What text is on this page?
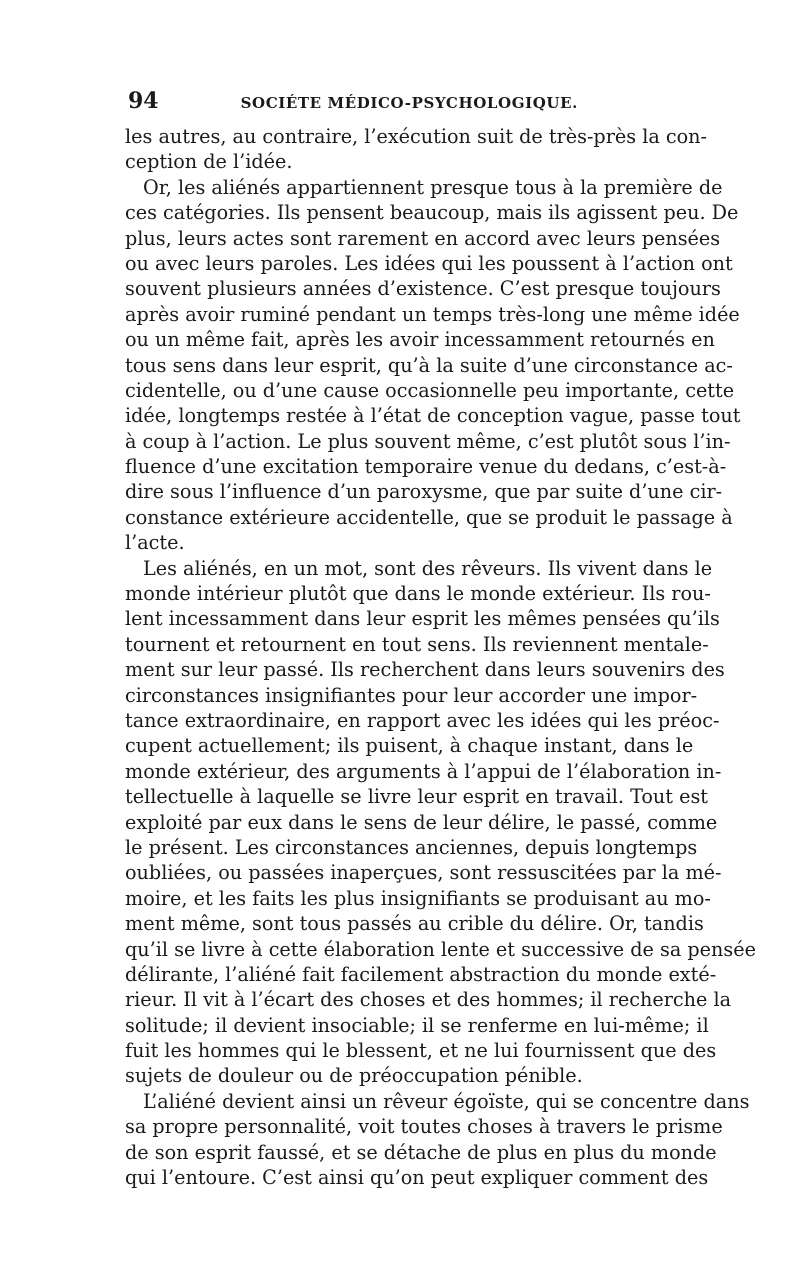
94	SOCIÉTE MÉDICO-PSYCHOLOGIQUE.
les autres, au contraire, l’exécution suit de très-près la con-
ception de l’idée.
Or, les aliénés appartiennent presque tous à la première de
ces catégories. Ils pensent beaucoup, mais ils agissent peu. De
plus, leurs actes sont rarement en accord avec leurs pensées
ou avec leurs paroles. Les idées qui les poussent à l’action ont
souvent plusieurs années d’existence. C’est presque toujours
après avoir ruminé pendant un temps très-long une même idée
ou un même fait, après les avoir incessamment retournés en
tous sens dans leur esprit, qu’à la suite d’une circonstance ac-
cidentelle, ou d’une cause occasionnelle peu importante, cette
idée, longtemps restée à l’état de conception vague, passe tout
à coup à l’action. Le plus souvent même, c’est plutôt sous l’in-
fluence d’une excitation temporaire venue du dedans, c’est-à-
dire sous l’influence d’un paroxysme, que par suite d’une cir-
constance extérieure accidentelle, que se produit le passage à
l’acte.
Les aliénés, en un mot, sont des rêveurs. Ils vivent dans le
monde intérieur plutôt que dans le monde extérieur. Ils rou-
lent incessamment dans leur esprit les mêmes pensées qu’ils
tournent et retournent en tout sens. Ils reviennent mentale-
ment sur leur passé. Ils recherchent dans leurs souvenirs des
circonstances insignifiantes pour leur accorder une impor-
tance extraordinaire, en rapport avec les idées qui les préoc-
cupent actuellement; ils puisent, à chaque instant, dans le
monde extérieur, des arguments à l’appui de l’élaboration in-
tellectuelle à laquelle se livre leur esprit en travail. Tout est
exploité par eux dans le sens de leur délire, le passé, comme
le présent. Les circonstances anciennes, depuis longtemps
oubliées, ou passées inaperçues, sont ressuscitées par la mé-
moire, et les faits les plus insignifiants se produisant au mo-
ment même, sont tous passés au crible du délire. Or, tandis
qu’il se livre à cette élaboration lente et successive de sa pensée
délirante, l’aliéné fait facilement abstraction du monde exté-
rieur. Il vit à l’écart des choses et des hommes; il recherche la
solitude; il devient insociable; il se renferme en lui-même; il
fuit les hommes qui le blessent, et ne lui fournissent que des
sujets de douleur ou de préoccupation pénible.
L’aliéné devient ainsi un rêveur égoïste, qui se concentre dans
sa propre personnalité, voit toutes choses à travers le prisme
de son esprit faussé, et se détache de plus en plus du monde
qui l’entoure. C’est ainsi qu’on peut expliquer comment des
